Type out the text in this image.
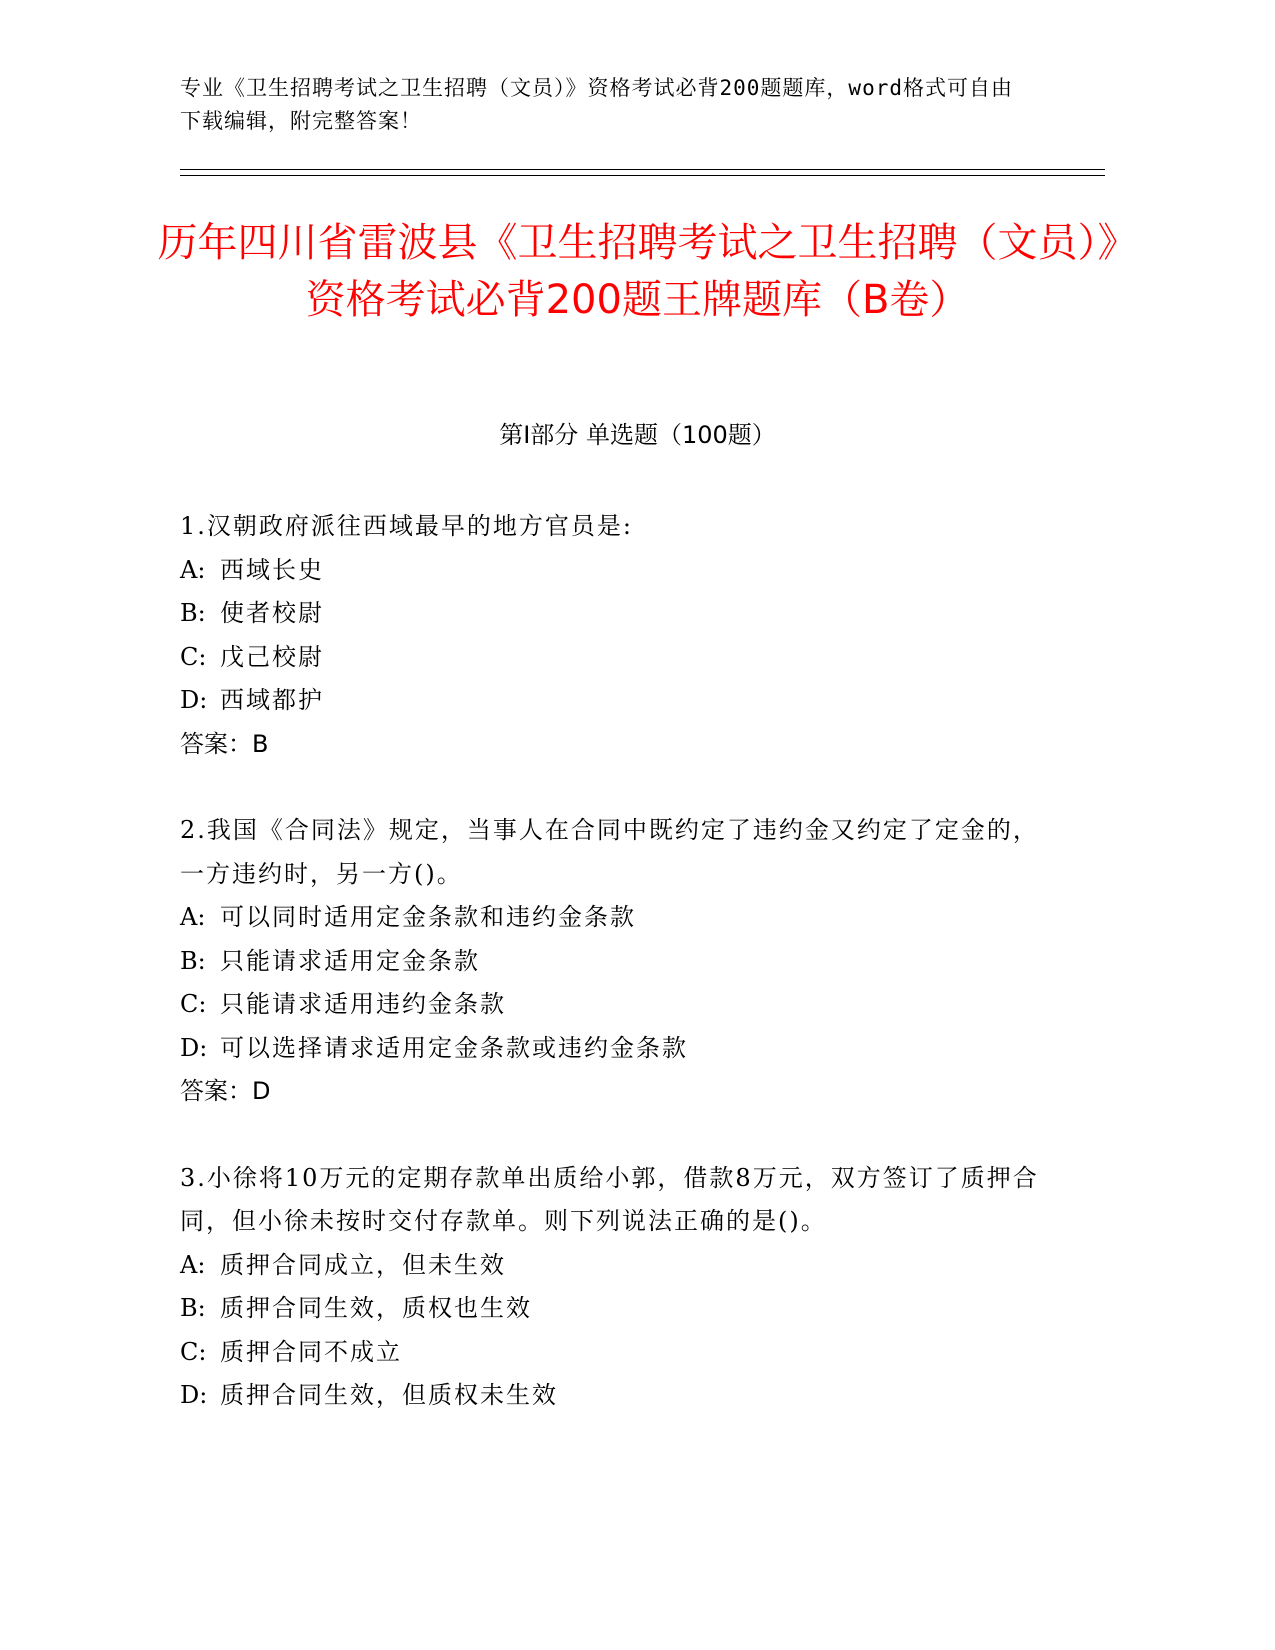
专业《卫生招聘考试之卫生招聘（文员）》资格考试必背200题题库，word格式可自由下载编辑，附完整答案！

历年四川省雷波县《卫生招聘考试之卫生招聘（文员）》资格考试必背200题王牌题库（B卷）
第I部分 单选题（100题）
1.汉朝政府派往西域最早的地方官员是:
A: 西域长史
B: 使者校尉
C: 戊己校尉
D: 西域都护
答案：B
2.我国《合同法》规定，当事人在合同中既约定了违约金又约定了定金的，一方违约时，另一方()。
A: 可以同时适用定金条款和违约金条款
B: 只能请求适用定金条款
C: 只能请求适用违约金条款
D: 可以选择请求适用定金条款或违约金条款
答案：D
3.小徐将10万元的定期存款单出质给小郭，借款8万元，双方签订了质押合同，但小徐未按时交付存款单。则下列说法正确的是()。
A: 质押合同成立，但未生效
B: 质押合同生效，质权也生效
C: 质押合同不成立
D: 质押合同生效，但质权未生效
